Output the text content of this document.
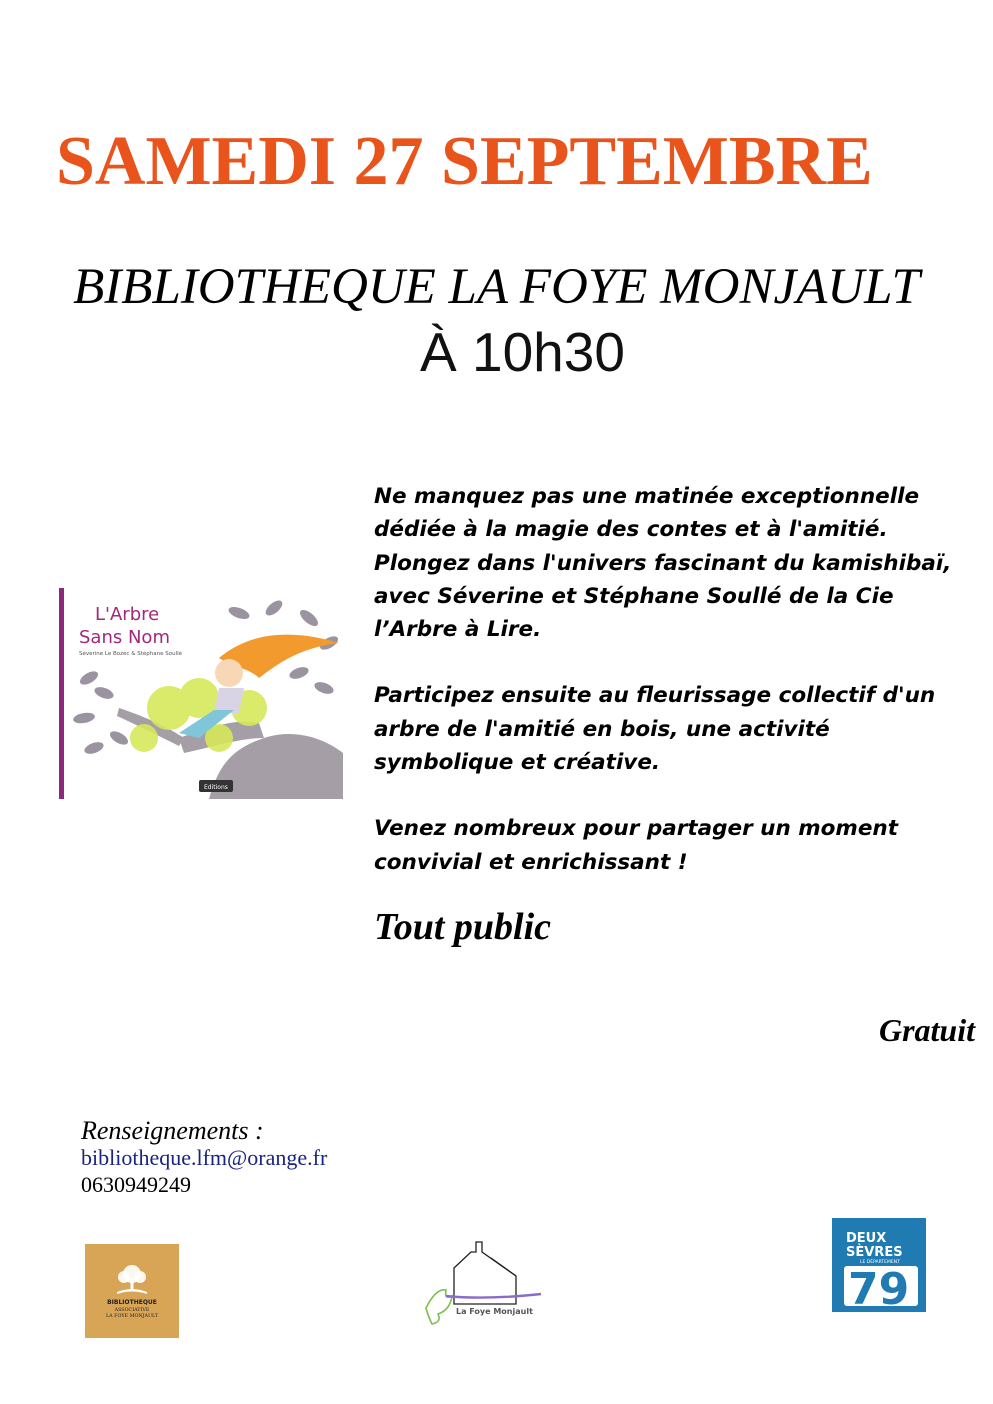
SAMEDI 27 SEPTEMBRE
BIBLIOTHEQUE LA FOYE MONJAULT
À 10h30
L'Arbre
Sans Nom
Séverine Le Bozec & Stéphane Soullé
Editions

Ne manquez pas une matinée exceptionnelle dédiée à la magie des contes et à l'amitié. Plongez dans l'univers fascinant du kamishibaï, avec Séverine et Stéphane Soullé de la Cie l’Arbre à Lire.

Participez ensuite au fleurissage collectif d'un arbre de l'amitié en bois, une activité symbolique et créative.

Venez nombreux pour partager un moment convivial et enrichissant !

Tout public
Gratuit
Renseignements :
bibliotheque.lfm@orange.fr
0630949249
BIBLIOTHEQUE
ASSOCIATIVE
LA FOYE MONJAULT
La Foye Monjault
DEUX
SÈVRES
LE DÉPARTEMENT
79
